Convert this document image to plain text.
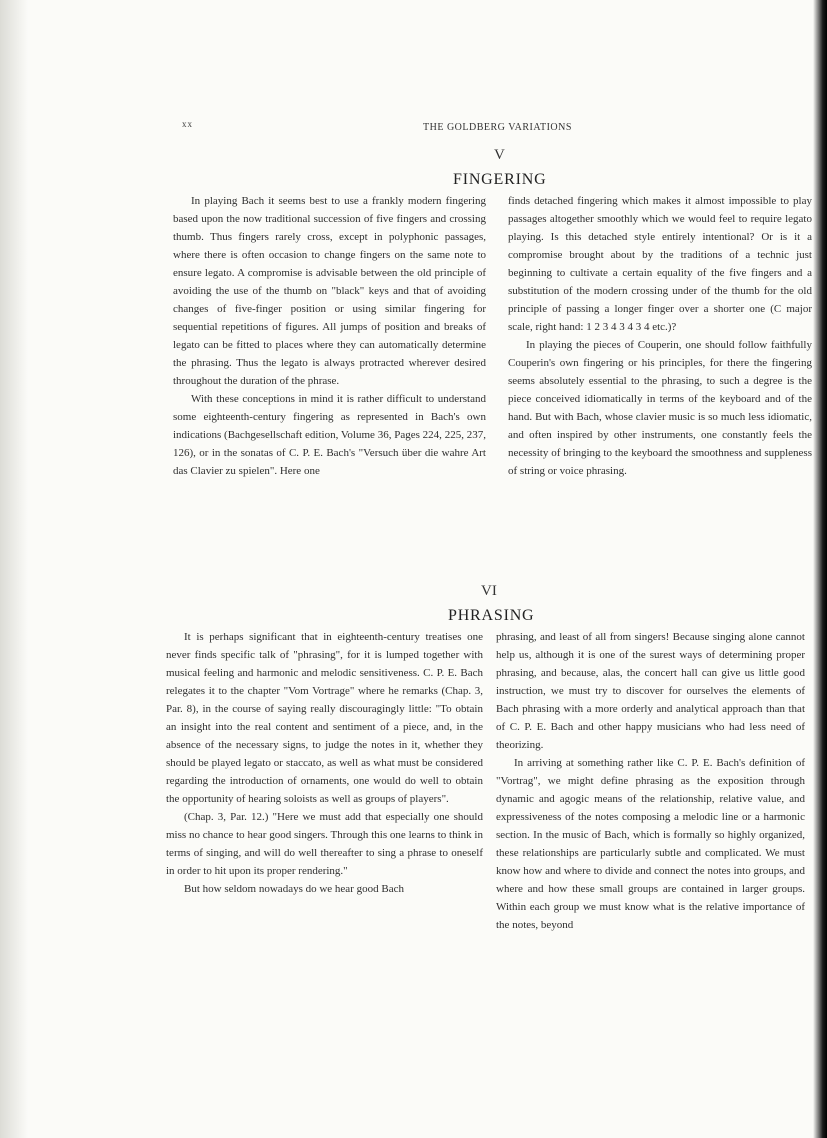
xx	THE GOLDBERG VARIATIONS
V
FINGERING

In playing Bach it seems best to use a frankly modern fingering based upon the now traditional succession of five fingers and crossing thumb. Thus fingers rarely cross, except in polyphonic passages, where there is often occasion to change fingers on the same note to ensure legato. A compromise is advisable between the old principle of avoiding the use of the thumb on "black" keys and that of avoiding changes of five-finger position or using similar fingering for sequential repetitions of figures. All jumps of position and breaks of legato can be fitted to places where they can automatically determine the phrasing. Thus the legato is always protracted wherever desired throughout the duration of the phrase.

With these conceptions in mind it is rather difficult to understand some eighteenth-century fingering as represented in Bach's own indications (Bachgesellschaft edition, Volume 36, Pages 224, 225, 237, 126), or in the sonatas of C. P. E. Bach's "Versuch über die wahre Art das Clavier zu spielen". Here one

finds detached fingering which makes it almost impossible to play passages altogether smoothly which we would feel to require legato playing. Is this detached style entirely intentional? Or is it a compromise brought about by the traditions of a technic just beginning to cultivate a certain equality of the five fingers and a substitution of the modern crossing under of the thumb for the old principle of passing a longer finger over a shorter one (C major scale, right hand: 1 2 3 4 3 4 3 4 etc.)?

In playing the pieces of Couperin, one should follow faithfully Couperin's own fingering or his principles, for there the fingering seems absolutely essential to the phrasing, to such a degree is the piece conceived idiomatically in terms of the keyboard and of the hand. But with Bach, whose clavier music is so much less idiomatic, and often inspired by other instruments, one constantly feels the necessity of bringing to the keyboard the smoothness and suppleness of string or voice phrasing.

VI
PHRASING

It is perhaps significant that in eighteenth-century treatises one never finds specific talk of "phrasing", for it is lumped together with musical feeling and harmonic and melodic sensitiveness. C. P. E. Bach relegates it to the chapter "Vom Vortrage" where he remarks (Chap. 3, Par. 8), in the course of saying really discouragingly little: "To obtain an insight into the real content and sentiment of a piece, and, in the absence of the necessary signs, to judge the notes in it, whether they should be played legato or staccato, as well as what must be considered regarding the introduction of ornaments, one would do well to obtain the opportunity of hearing soloists as well as groups of players".

(Chap. 3, Par. 12.) "Here we must add that especially one should miss no chance to hear good singers. Through this one learns to think in terms of singing, and will do well thereafter to sing a phrase to oneself in order to hit upon its proper rendering."

But how seldom nowadays do we hear good Bach

phrasing, and least of all from singers! Because singing alone cannot help us, although it is one of the surest ways of determining proper phrasing, and because, alas, the concert hall can give us little good instruction, we must try to discover for ourselves the elements of Bach phrasing with a more orderly and analytical approach than that of C. P. E. Bach and other happy musicians who had less need of theorizing.

In arriving at something rather like C. P. E. Bach's definition of "Vortrag", we might define phrasing as the exposition through dynamic and agogic means of the relationship, relative value, and expressiveness of the notes composing a melodic line or a harmonic section. In the music of Bach, which is formally so highly organized, these relationships are particularly subtle and complicated. We must know how and where to divide and connect the notes into groups, and where and how these small groups are contained in larger groups. Within each group we must know what is the relative importance of the notes, beyond
